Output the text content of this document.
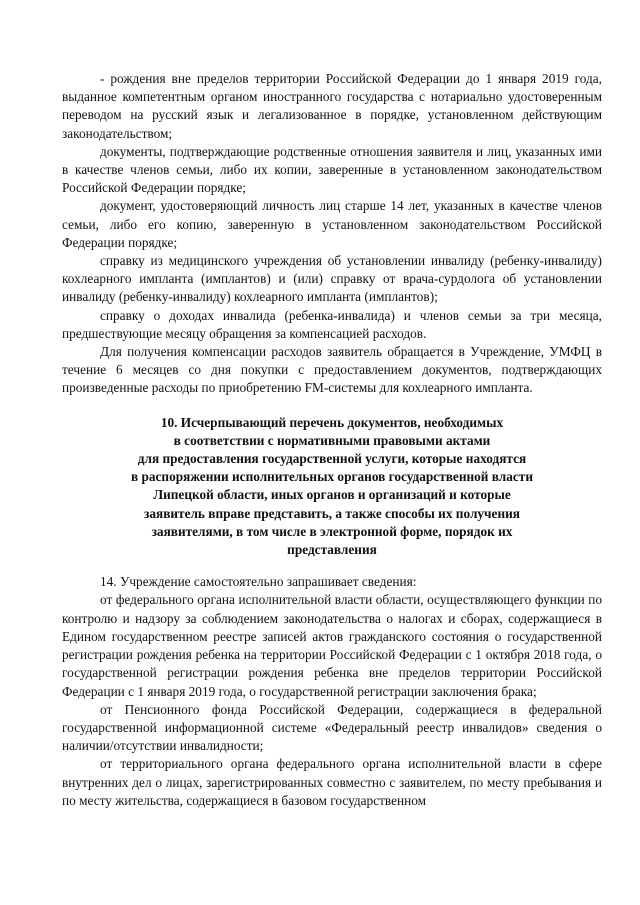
- рождения вне пределов территории Российской Федерации до 1 января 2019 года, выданное компетентным органом иностранного государства с нотариально удостоверенным переводом на русский язык и легализованное в порядке, установленном действующим законодательством;

документы, подтверждающие родственные отношения заявителя и лиц, указанных ими в качестве членов семьи, либо их копии, заверенные в установленном законодательством Российской Федерации порядке;

документ, удостоверяющий личность лиц старше 14 лет, указанных в качестве членов семьи, либо его копию, заверенную в установленном законодательством Российской Федерации порядке;

справку из медицинского учреждения об установлении инвалиду (ребенку-инвалиду) кохлеарного импланта (имплантов) и (или) справку от врача-сурдолога об установлении инвалиду (ребенку-инвалиду) кохлеарного импланта (имплантов);

справку о доходах инвалида (ребенка-инвалида) и членов семьи за три месяца, предшествующие месяцу обращения за компенсацией расходов.

Для получения компенсации расходов заявитель обращается в Учреждение, УМФЦ в течение 6 месяцев со дня покупки с предоставлением документов, подтверждающих произведенные расходы по приобретению FM-системы для кохлеарного импланта.

10. Исчерпывающий перечень документов, необходимых
в соответствии с нормативными правовыми актами
для предоставления государственной услуги, которые находятся
в распоряжении исполнительных органов государственной власти
Липецкой области, иных органов и организаций и которые
заявитель вправе представить, а также способы их получения
заявителями, в том числе в электронной форме, порядок их
представления

14. Учреждение самостоятельно запрашивает сведения:

от федерального органа исполнительной власти области, осуществляющего функции по контролю и надзору за соблюдением законодательства о налогах и сборах, содержащиеся в Едином государственном реестре записей актов гражданского состояния о государственной регистрации рождения ребенка на территории Российской Федерации с 1 октября 2018 года, о государственной регистрации рождения ребенка вне пределов территории Российской Федерации с 1 января 2019 года, о государственной регистрации заключения брака;

от Пенсионного фонда Российской Федерации, содержащиеся в федеральной государственной информационной системе «Федеральный реестр инвалидов» сведения о наличии/отсутствии инвалидности;

от территориального органа федерального органа исполнительной власти в сфере внутренних дел о лицах, зарегистрированных совместно с заявителем, по месту пребывания и по месту жительства, содержащиеся в базовом государственном
